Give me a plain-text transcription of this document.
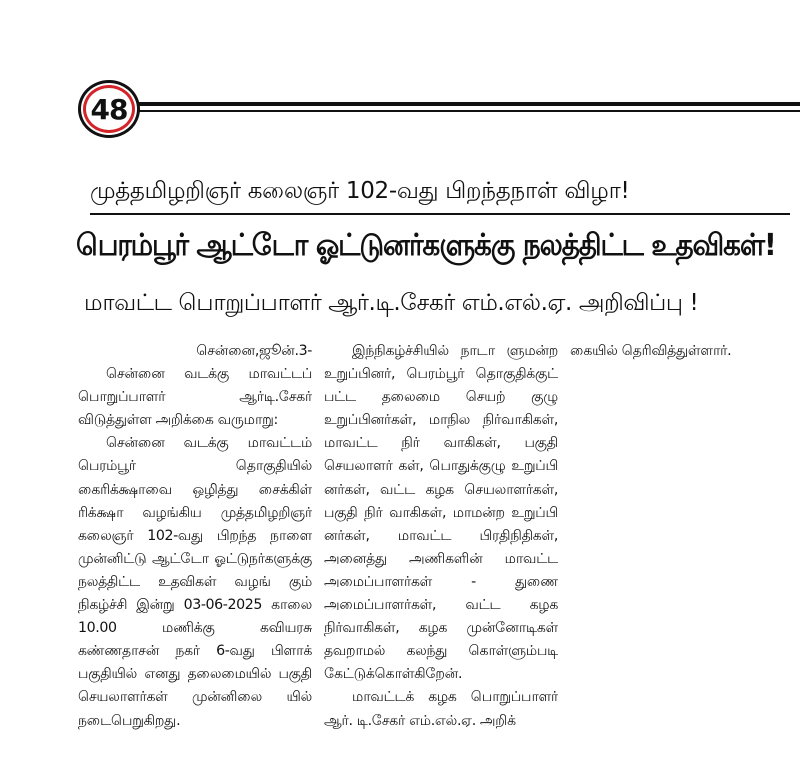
48
முத்தமிழறிஞர் கலைஞர் 102-வது பிறந்தநாள் விழா!
பெரம்பூர் ஆட்டோ ஓட்டுனர்களுக்கு நலத்திட்ட உதவிகள்!
மாவட்ட பொறுப்பாளர் ஆர்.டி.சேகர் எம்.எல்.ஏ. அறிவிப்பு !

சென்னை,ஜூன்.3-

சென்னை வடக்கு மாவட்டப் பொறுப்பாளர் ஆர்டி.சேகர் விடுத்துள்ள அறிக்கை வருமாறு:

சென்னை வடக்கு மாவட்டம் பெரம்பூர் தொகுதியில் கைரிக்க்ஷாவை ஒழித்து சைக்கிள் ரிக்க்ஷா வழங்கிய முத்தமிழறிஞர் கலைஞர் 102-வது பிறந்த நாளை முன்னிட்டு ஆட்டோ ஓட்டுநர்களுக்கு நலத்திட்ட உதவிகள் வழங் கும் நிகழ்ச்சி இன்று 03-06-2025 காலை 10.00 மணிக்கு கவியரசு கண்ணதாசன் நகர் 6-வது பிளாக் பகுதியில் எனது தலைமையில் பகுதி செயலாளர்கள் முன்னிலை யில் நடைபெறுகிறது.

இந்நிகழ்ச்சியில் நாடா ளுமன்ற உறுப்பினர், பெரம்பூர் தொகுதிக்குட் பட்ட தலைமை செயற் குழு உறுப்பினர்கள், மாநில நிர்வாகிகள், மாவட்ட நிர் வாகிகள், பகுதி செயலாளர் கள், பொதுக்குழு உறுப்பி னர்கள், வட்ட கழக செயலாளர்கள், பகுதி நிர் வாகிகள், மாமன்ற உறுப்பி னர்கள், மாவட்ட பிரதிநிதிகள், அனைத்து அணிகளின் மாவட்ட அமைப்பாளர்கள் - துணை அமைப்பாளர்கள், வட்ட கழக நிர்வாகிகள், கழக முன்னோடிகள் தவறாமல் கலந்து கொள்ளும்படி கேட்டுக்கொள்கிறேன்.

மாவட்டக் கழக பொறுப்பாளர் ஆர். டி.சேகர் எம்.எல்.ஏ. அறிக்

கையில் தெரிவித்துள்ளார்.
